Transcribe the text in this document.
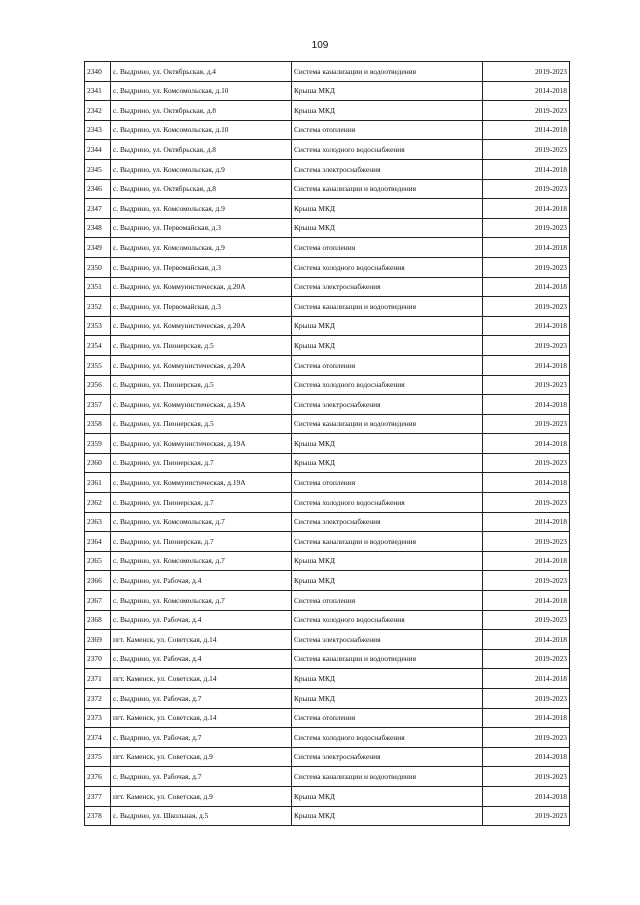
109
2340	с. Выдрино, ул. Октябрьская, д.4	Система канализации и водоотведения	2019-2023
2341	с. Выдрино, ул. Комсомольская, д.10	Крыша МКД	2014-2018
2342	с. Выдрино, ул. Октябрьская, д.8	Крыша МКД	2019-2023
2343	с. Выдрино, ул. Комсомольская, д.10	Система отопления	2014-2018
2344	с. Выдрино, ул. Октябрьская, д.8	Система холодного водоснабжения	2019-2023
2345	с. Выдрино, ул. Комсомольская, д.9	Система электроснабжения	2014-2018
2346	с. Выдрино, ул. Октябрьская, д.8	Система канализации и водоотведения	2019-2023
2347	с. Выдрино, ул. Комсомольская, д.9	Крыша МКД	2014-2018
2348	с. Выдрино, ул. Первомайская, д.3	Крыша МКД	2019-2023
2349	с. Выдрино, ул. Комсомольская, д.9	Система отопления	2014-2018
2350	с. Выдрино, ул. Первомайская, д.3	Система холодного водоснабжения	2019-2023
2351	с. Выдрино, ул. Коммунистическая, д.20А	Система электроснабжения	2014-2018
2352	с. Выдрино, ул. Первомайская, д.3	Система канализации и водоотведения	2019-2023
2353	с. Выдрино, ул. Коммунистическая, д.20А	Крыша МКД	2014-2018
2354	с. Выдрино, ул. Пионерская, д.5	Крыша МКД	2019-2023
2355	с. Выдрино, ул. Коммунистическая, д.20А	Система отопления	2014-2018
2356	с. Выдрино, ул. Пионерская, д.5	Система холодного водоснабжения	2019-2023
2357	с. Выдрино, ул. Коммунистическая, д.19А	Система электроснабжения	2014-2018
2358	с. Выдрино, ул. Пионерская, д.5	Система канализации и водоотведения	2019-2023
2359	с. Выдрино, ул. Коммунистическая, д.19А	Крыша МКД	2014-2018
2360	с. Выдрино, ул. Пионерская, д.7	Крыша МКД	2019-2023
2361	с. Выдрино, ул. Коммунистическая, д.19А	Система отопления	2014-2018
2362	с. Выдрино, ул. Пионерская, д.7	Система холодного водоснабжения	2019-2023
2363	с. Выдрино, ул. Комсомольская, д.7	Система электроснабжения	2014-2018
2364	с. Выдрино, ул. Пионерская, д.7	Система канализации и водоотведения	2019-2023
2365	с. Выдрино, ул. Комсомольская, д.7	Крыша МКД	2014-2018
2366	с. Выдрино, ул. Рабочая, д.4	Крыша МКД	2019-2023
2367	с. Выдрино, ул. Комсомольская, д.7	Система отопления	2014-2018
2368	с. Выдрино, ул. Рабочая, д.4	Система холодного водоснабжения	2019-2023
2369	пгт. Каменск, ул. Советская, д.14	Система электроснабжения	2014-2018
2370	с. Выдрино, ул. Рабочая, д.4	Система канализации и водоотведения	2019-2023
2371	пгт. Каменск, ул. Советская, д.14	Крыша МКД	2014-2018
2372	с. Выдрино, ул. Рабочая, д.7	Крыша МКД	2019-2023
2373	пгт. Каменск, ул. Советская, д.14	Система отопления	2014-2018
2374	с. Выдрино, ул. Рабочая, д.7	Система холодного водоснабжения	2019-2023
2375	пгт. Каменск, ул. Советская, д.9	Система электроснабжения	2014-2018
2376	с. Выдрино, ул. Рабочая, д.7	Система канализации и водоотведения	2019-2023
2377	пгт. Каменск, ул. Советская, д.9	Крыша МКД	2014-2018
2378	с. Выдрино, ул. Школьная, д.5	Крыша МКД	2019-2023
